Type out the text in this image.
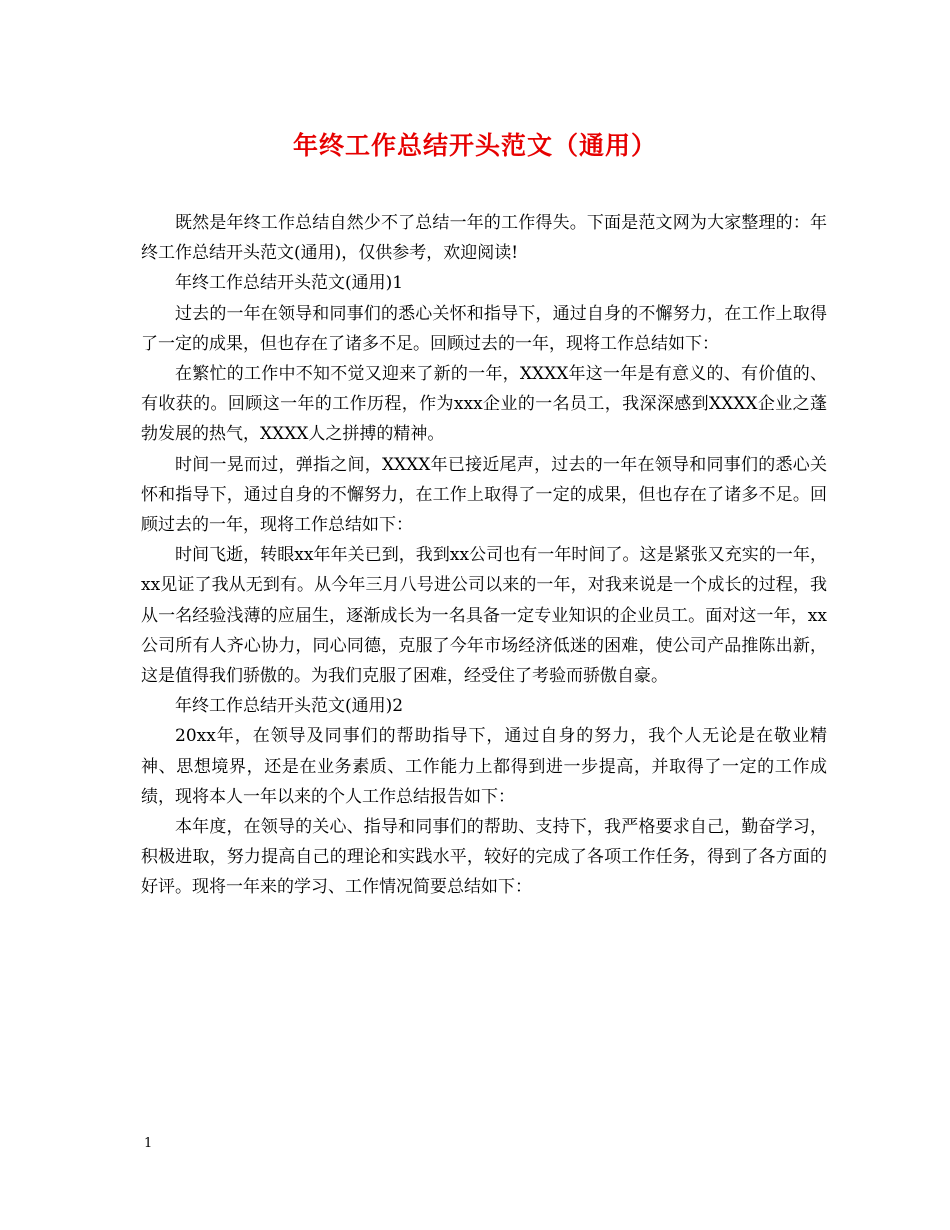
年终工作总结开头范文（通用）

既然是年终工作总结自然少不了总结一年的工作得失。下面是范文网为大家整理的：年终工作总结开头范文(通用)，仅供参考，欢迎阅读!

年终工作总结开头范文(通用)1

过去的一年在领导和同事们的悉心关怀和指导下，通过自身的不懈努力，在工作上取得了一定的成果，但也存在了诸多不足。回顾过去的一年，现将工作总结如下：

在繁忙的工作中不知不觉又迎来了新的一年，XXXX年这一年是有意义的、有价值的、有收获的。回顾这一年的工作历程，作为xxx企业的一名员工，我深深感到XXXX企业之蓬勃发展的热气，XXXX人之拼搏的精神。

时间一晃而过，弹指之间，XXXX年已接近尾声，过去的一年在领导和同事们的悉心关怀和指导下，通过自身的不懈努力，在工作上取得了一定的成果，但也存在了诸多不足。回顾过去的一年，现将工作总结如下：

时间飞逝，转眼xx年年关已到，我到xx公司也有一年时间了。这是紧张又充实的一年，xx见证了我从无到有。从今年三月八号进公司以来的一年，对我来说是一个成长的过程，我从一名经验浅薄的应届生，逐渐成长为一名具备一定专业知识的企业员工。面对这一年，xx公司所有人齐心协力，同心同德，克服了今年市场经济低迷的困难，使公司产品推陈出新，这是值得我们骄傲的。为我们克服了困难，经受住了考验而骄傲自豪。

年终工作总结开头范文(通用)2

20xx年，在领导及同事们的帮助指导下，通过自身的努力，我个人无论是在敬业精神、思想境界，还是在业务素质、工作能力上都得到进一步提高，并取得了一定的工作成绩，现将本人一年以来的个人工作总结报告如下：

本年度，在领导的关心、指导和同事们的帮助、支持下，我严格要求自己，勤奋学习，积极进取，努力提高自己的理论和实践水平，较好的完成了各项工作任务，得到了各方面的好评。现将一年来的学习、工作情况简要总结如下：

1
